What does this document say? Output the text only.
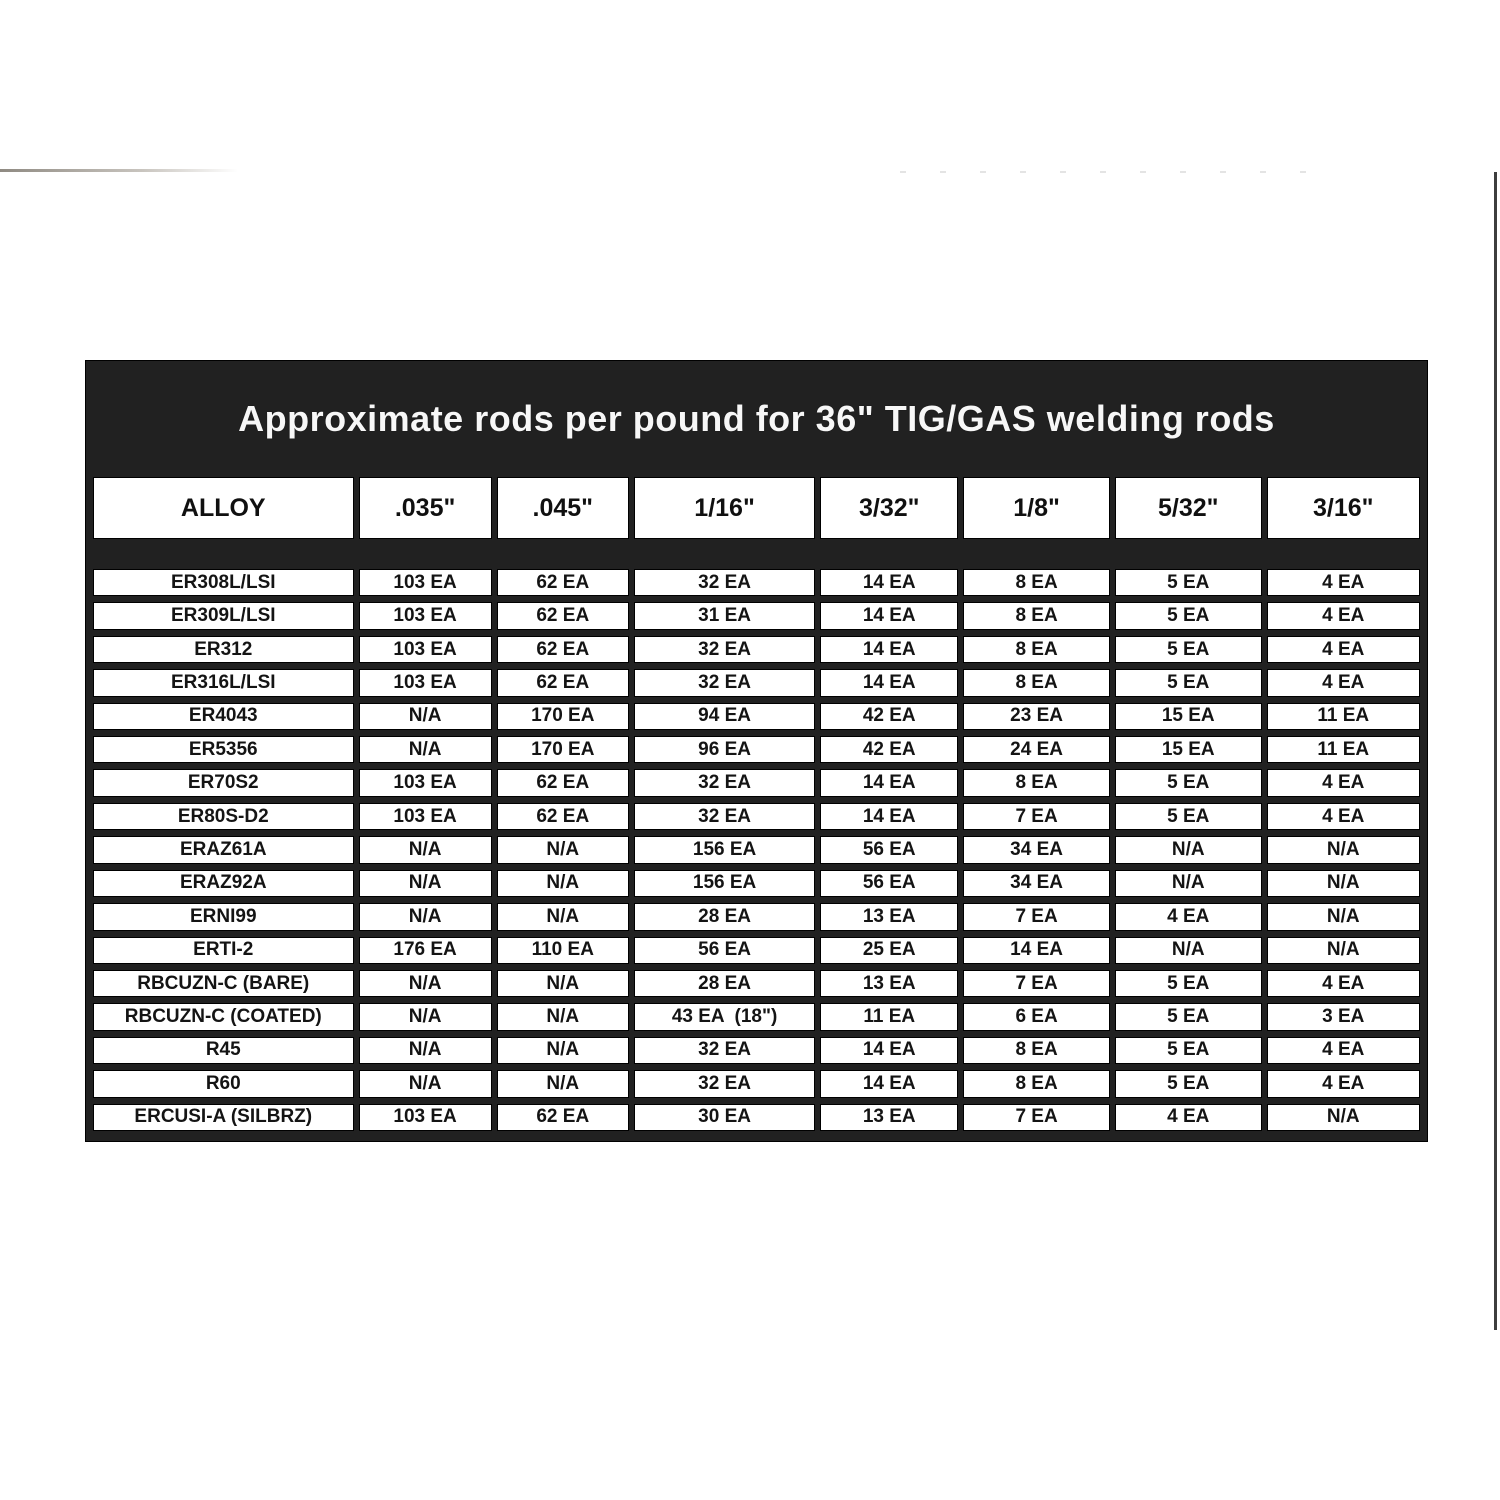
Approximate rods per pound for 36" TIG/GAS welding rods
ALLOY	.035"	.045"	1/16"	3/32"	1/8"	5/32"	3/16"
ER308L/LSI	103 EA	62 EA	32 EA	14 EA	8 EA	5 EA	4 EA
ER309L/LSI	103 EA	62 EA	31 EA	14 EA	8 EA	5 EA	4 EA
ER312	103 EA	62 EA	32 EA	14 EA	8 EA	5 EA	4 EA
ER316L/LSI	103 EA	62 EA	32 EA	14 EA	8 EA	5 EA	4 EA
ER4043	N/A	170 EA	94 EA	42 EA	23 EA	15 EA	11 EA
ER5356	N/A	170 EA	96 EA	42 EA	24 EA	15 EA	11 EA
ER70S2	103 EA	62 EA	32 EA	14 EA	8 EA	5 EA	4 EA
ER80S-D2	103 EA	62 EA	32 EA	14 EA	7 EA	5 EA	4 EA
ERAZ61A	N/A	N/A	156 EA	56 EA	34 EA	N/A	N/A
ERAZ92A	N/A	N/A	156 EA	56 EA	34 EA	N/A	N/A
ERNI99	N/A	N/A	28 EA	13 EA	7 EA	4 EA	N/A
ERTI-2	176 EA	110 EA	56 EA	25 EA	14 EA	N/A	N/A
RBCUZN-C (BARE)	N/A	N/A	28 EA	13 EA	7 EA	5 EA	4 EA
RBCUZN-C (COATED)	N/A	N/A	43 EA  (18")	11 EA	6 EA	5 EA	3 EA
R45	N/A	N/A	32 EA	14 EA	8 EA	5 EA	4 EA
R60	N/A	N/A	32 EA	14 EA	8 EA	5 EA	4 EA
ERCUSI-A (SILBRZ)	103 EA	62 EA	30 EA	13 EA	7 EA	4 EA	N/A
